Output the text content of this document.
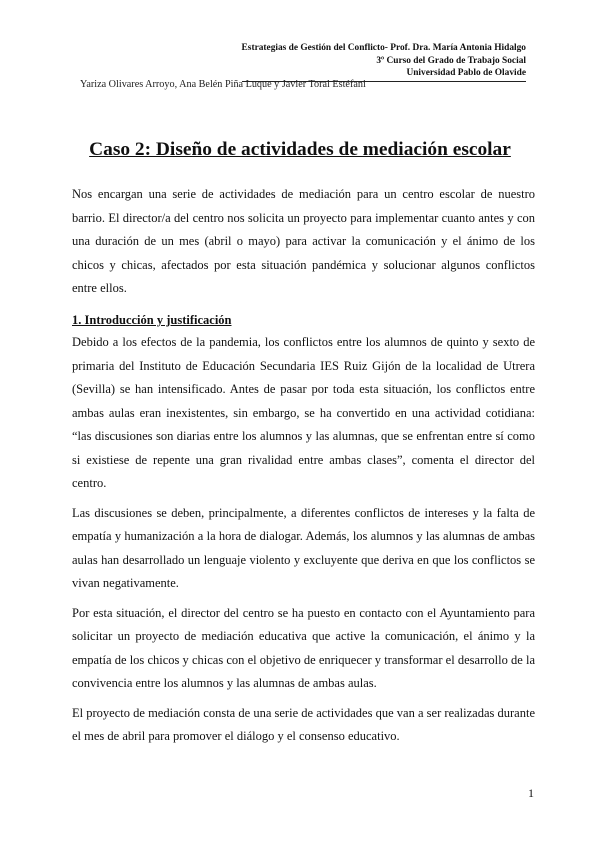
Estrategias de Gestión del Conflicto- Prof. Dra. María Antonia Hidalgo
3º Curso del Grado de Trabajo Social
Universidad Pablo de Olavide
Yariza Olivares Arroyo, Ana Belén Piña Luque y Javier Toral Estéfani
Caso 2: Diseño de actividades de mediación escolar
Nos encargan una serie de actividades de mediación para un centro escolar de nuestro barrio. El director/a del centro nos solicita un proyecto para implementar cuanto antes y con una duración de un mes (abril o mayo) para activar la comunicación y el ánimo de los chicos y chicas, afectados por esta situación pandémica y solucionar algunos conflictos entre ellos.
1. Introducción y justificación

Debido a los efectos de la pandemia, los conflictos entre los alumnos de quinto y sexto de primaria del Instituto de Educación Secundaria IES Ruiz Gijón de la localidad de Utrera (Sevilla) se han intensificado. Antes de pasar por toda esta situación, los conflictos entre ambas aulas eran inexistentes, sin embargo, se ha convertido en una actividad cotidiana: “las discusiones son diarias entre los alumnos y las alumnas, que se enfrentan entre sí como si existiese de repente una gran rivalidad entre ambas clases”, comenta el director del centro.

Las discusiones se deben, principalmente, a diferentes conflictos de intereses y la falta de empatía y humanización a la hora de dialogar. Además, los alumnos y las alumnas de ambas aulas han desarrollado un lenguaje violento y excluyente que deriva en que los conflictos se vivan negativamente.

Por esta situación, el director del centro se ha puesto en contacto con el Ayuntamiento para solicitar un proyecto de mediación educativa que active la comunicación, el ánimo y la empatía de los chicos y chicas con el objetivo de enriquecer y transformar el desarrollo de la convivencia entre los alumnos y las alumnas de ambas aulas.

El proyecto de mediación consta de una serie de actividades que van a ser realizadas durante el mes de abril para promover el diálogo y el consenso educativo.

1
